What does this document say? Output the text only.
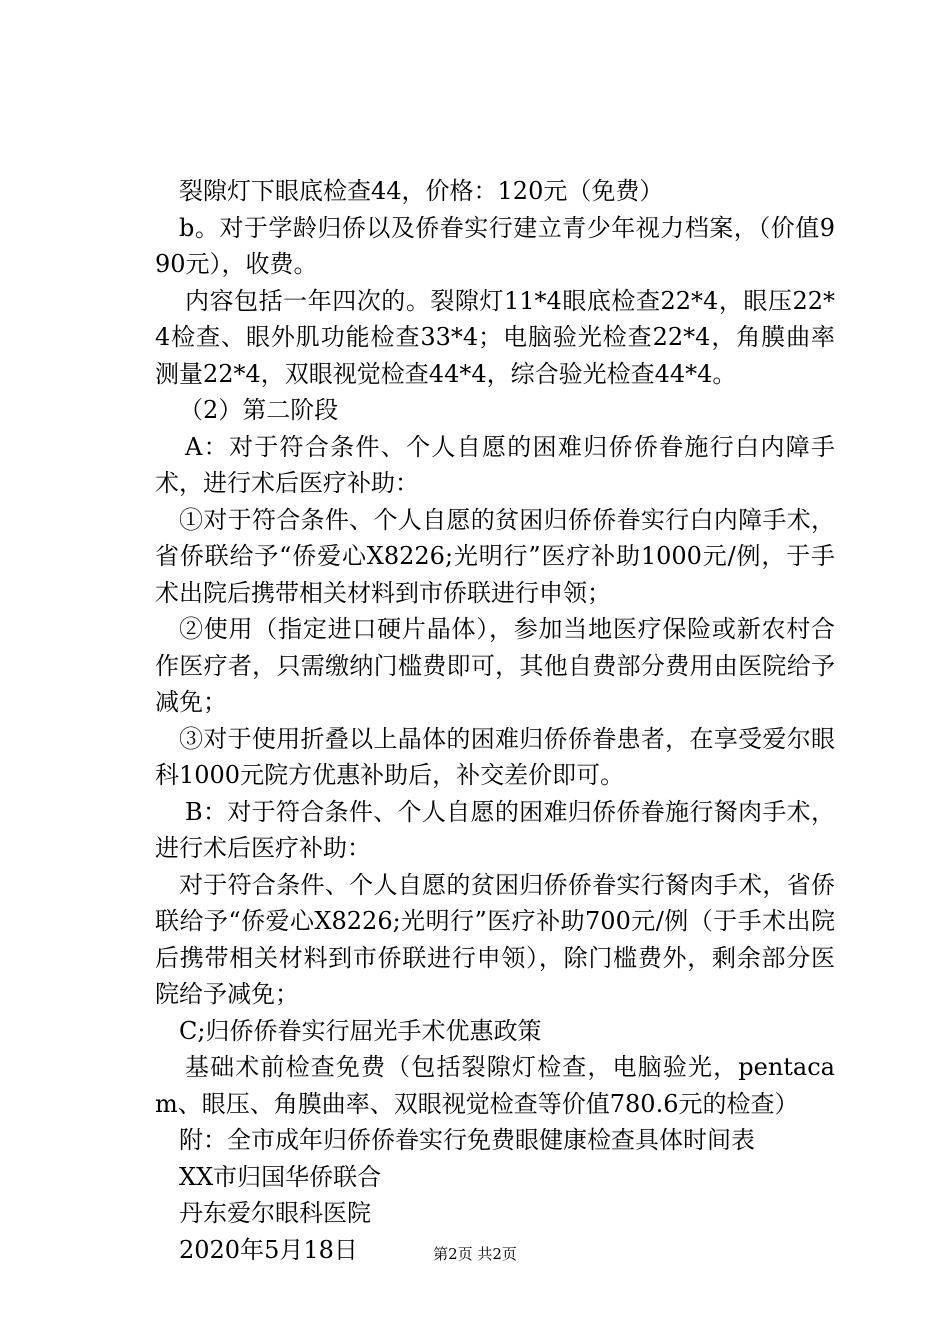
裂隙灯下眼底检查44，价格：120元（免费）

b。对于学龄归侨以及侨眷实行建立青少年视力档案，（价值990元），收费。

内容包括一年四次的。裂隙灯11*4眼底检查22*4，眼压22*4检查、眼外肌功能检查33*4；电脑验光检查22*4，角膜曲率测量22*4，双眼视觉检查44*4，综合验光检查44*4。

（2）第二阶段

A：对于符合条件、个人自愿的困难归侨侨眷施行白内障手术，进行术后医疗补助：

①对于符合条件、个人自愿的贫困归侨侨眷实行白内障手术，省侨联给予“侨爱心X8226;光明行”医疗补助1000元/例，于手术出院后携带相关材料到市侨联进行申领；

②使用（指定进口硬片晶体），参加当地医疗保险或新农村合作医疗者，只需缴纳门槛费即可，其他自费部分费用由医院给予减免；

③对于使用折叠以上晶体的困难归侨侨眷患者，在享受爱尔眼科1000元院方优惠补助后，补交差价即可。

B：对于符合条件、个人自愿的困难归侨侨眷施行胬肉手术，进行术后医疗补助：

对于符合条件、个人自愿的贫困归侨侨眷实行胬肉手术，省侨联给予“侨爱心X8226;光明行”医疗补助700元/例（于手术出院后携带相关材料到市侨联进行申领），除门槛费外，剩余部分医院给予减免；

C;归侨侨眷实行屈光手术优惠政策

基础术前检查免费（包括裂隙灯检查，电脑验光，pentacam、眼压、角膜曲率、双眼视觉检查等价值780.6元的检查）

附：全市成年归侨侨眷实行免费眼健康检查具体时间表

XX市归国华侨联合

丹东爱尔眼科医院

2020年5月18日	第2页 共2页
